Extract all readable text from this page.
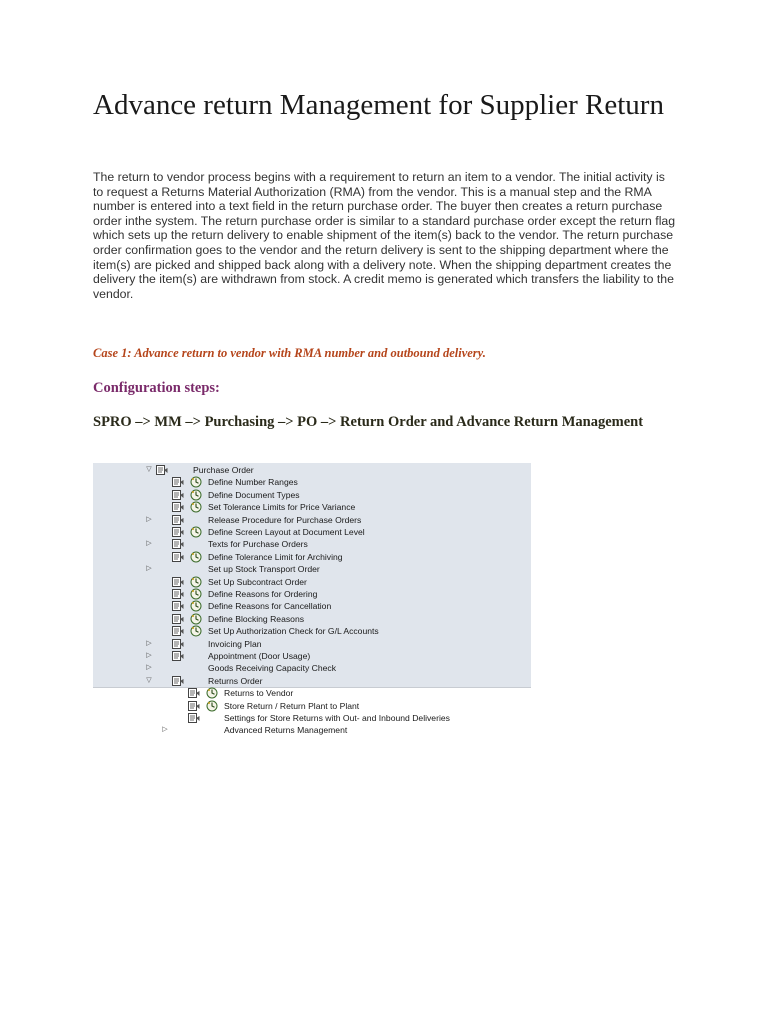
Advance return Management for Supplier Return

The return to vendor process begins with a requirement to return an item to a vendor. The initial activity is to request a Returns Material Authorization (RMA) from the vendor. This is a manual step and the RMA number is entered into a text field in the return purchase order. The buyer then creates a return purchase order inthe system. The return purchase order is similar to a standard purchase order except the return flag which sets up the return delivery to enable shipment of the item(s) back to the vendor. The return purchase order confirmation goes to the vendor and the return delivery is sent to the shipping department where the item(s) are picked and shipped back along with a delivery note. When the shipping department creates the delivery the item(s) are withdrawn from stock. A credit memo is generated which transfers the liability to the vendor.

Case 1: Advance return to vendor with RMA number and outbound delivery.

Configuration steps:

SPRO –> MM –> Purchasing –> PO –> Return Order and Advance Return Management

▽	Purchase Order
Define Number Ranges
Define Document Types
Set Tolerance Limits for Price Variance
▷	Release Procedure for Purchase Orders
Define Screen Layout at Document Level
▷	Texts for Purchase Orders
Define Tolerance Limit for Archiving
▷	Set up Stock Transport Order
Set Up Subcontract Order
Define Reasons for Ordering
Define Reasons for Cancellation
Define Blocking Reasons
Set Up Authorization Check for G/L Accounts
▷	Invoicing Plan
▷	Appointment (Door Usage)
▷	Goods Receiving Capacity Check
▽	Returns Order
Returns to Vendor
Store Return / Return Plant to Plant
Settings for Store Returns with Out- and Inbound Deliveries
▷	Advanced Returns Management
